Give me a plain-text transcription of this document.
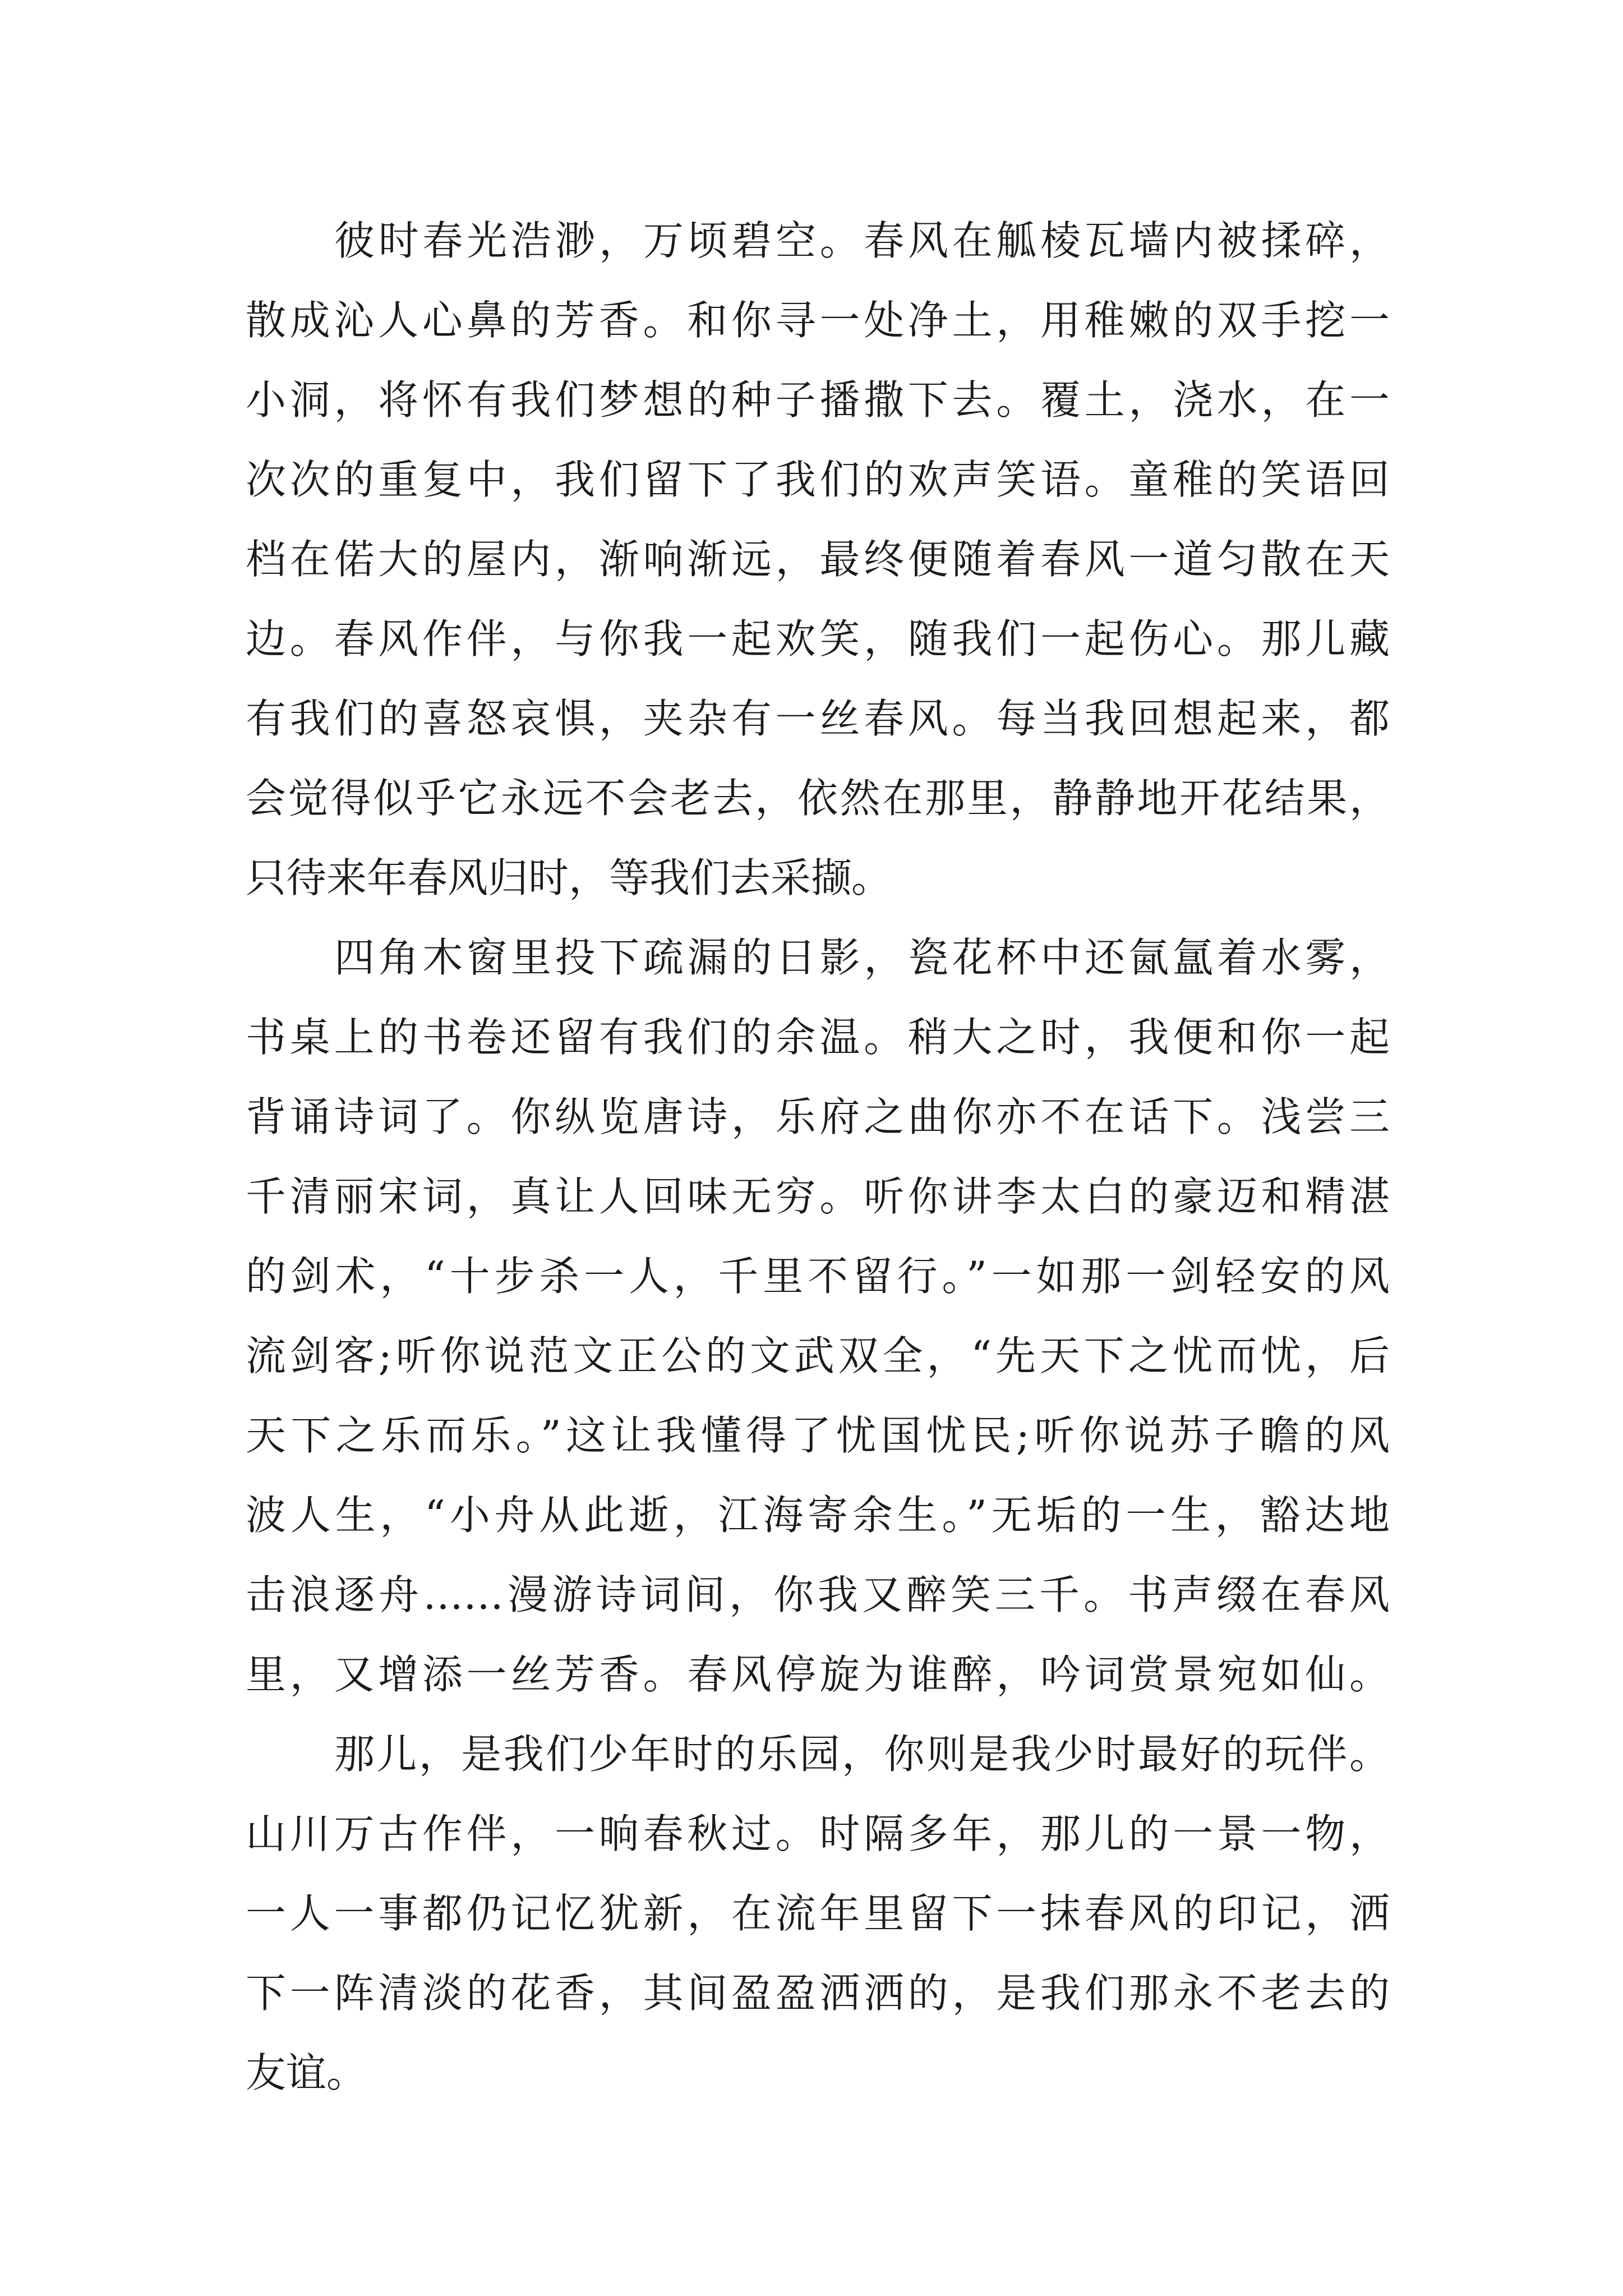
彼时春光浩渺，万顷碧空。春风在觚棱瓦墙内被揉碎，
散成沁人心鼻的芳香。和你寻一处净土，用稚嫩的双手挖一
小洞，将怀有我们梦想的种子播撒下去。覆土，浇水，在一
次次的重复中，我们留下了我们的欢声笑语。童稚的笑语回
档在偌大的屋内，渐响渐远，最终便随着春风一道匀散在天
边。春风作伴，与你我一起欢笑，随我们一起伤心。那儿藏
有我们的喜怒哀惧，夹杂有一丝春风。每当我回想起来，都
会觉得似乎它永远不会老去，依然在那里，静静地开花结果，
只待来年春风归时，等我们去采撷。
四角木窗里投下疏漏的日影，瓷花杯中还氤氲着水雾，
书桌上的书卷还留有我们的余温。稍大之时，我便和你一起
背诵诗词了。你纵览唐诗，乐府之曲你亦不在话下。浅尝三
千清丽宋词，真让人回味无穷。听你讲李太白的豪迈和精湛
的剑术，“十步杀一人，千里不留行。”一如那一剑轻安的风
流剑客;听你说范文正公的文武双全，“先天下之忧而忧，后
天下之乐而乐。”这让我懂得了忧国忧民;听你说苏子瞻的风
波人生，“小舟从此逝，江海寄余生。”无垢的一生，豁达地
击浪逐舟……漫游诗词间，你我又醉笑三千。书声缀在春风
里，又增添一丝芳香。春风停旋为谁醉，吟词赏景宛如仙。
那儿，是我们少年时的乐园，你则是我少时最好的玩伴。
山川万古作伴，一晌春秋过。时隔多年，那儿的一景一物，
一人一事都仍记忆犹新，在流年里留下一抹春风的印记，洒
下一阵清淡的花香，其间盈盈洒洒的，是我们那永不老去的
友谊。
